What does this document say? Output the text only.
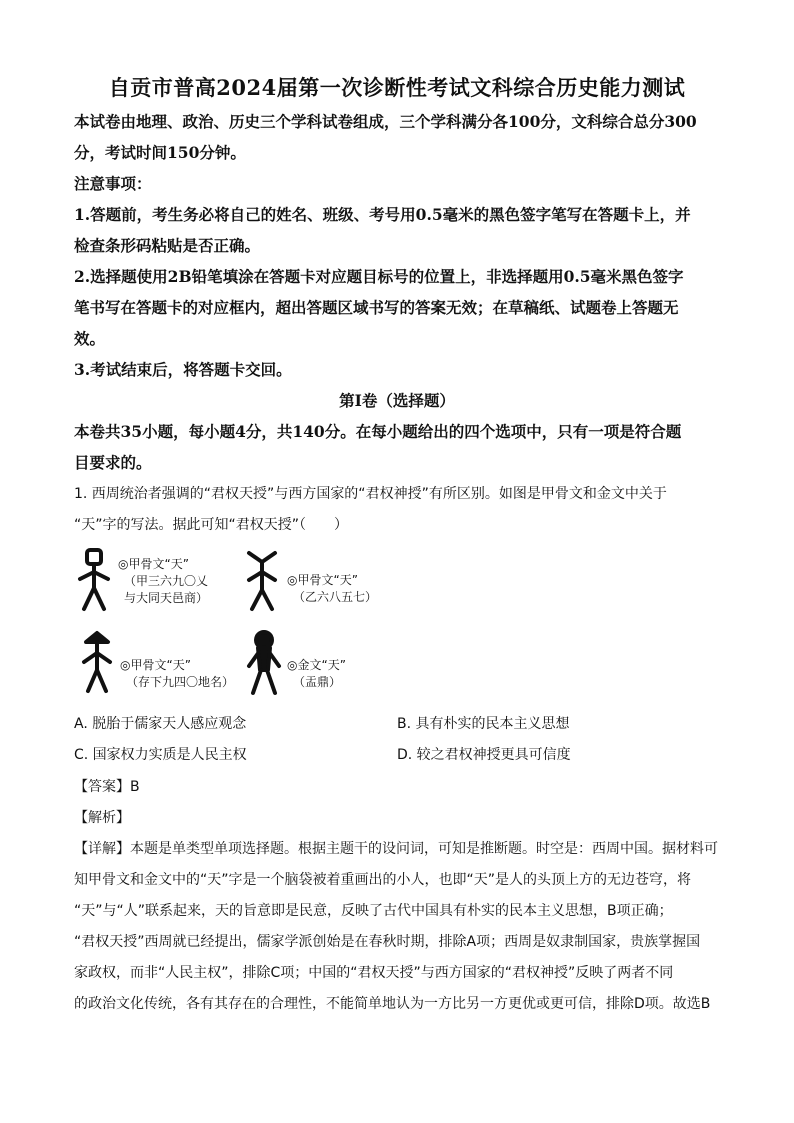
自贡市普高2024届第一次诊断性考试文科综合历史能力测试
本试卷由地理、政治、历史三个学科试卷组成，三个学科满分各100分，文科综合总分300
分，考试时间150分钟。
注意事项：
1.答题前，考生务必将自己的姓名、班级、考号用0.5毫米的黑色签字笔写在答题卡上，并
检查条形码粘贴是否正确。
2.选择题使用2B铅笔填涂在答题卡对应题目标号的位置上，非选择题用0.5毫米黑色签字
笔书写在答题卡的对应框内，超出答题区域书写的答案无效；在草稿纸、试题卷上答题无
效。
3.考试结束后，将答题卡交回。
第Ⅰ卷（选择题）
本卷共35小题，每小题4分，共140分。在每小题给出的四个选项中，只有一项是符合题
目要求的。
1. 西周统治者强调的“君权天授”与西方国家的“君权神授”有所区别。如图是甲骨文和金文中关于
“天”字的写法。据此可知“君权天授”（　　）
◎甲骨文“天”
（甲三六九〇乂
与大同天邑商）
◎甲骨文“天”
（乙六八五七）
◎甲骨文“天”
（存下九四〇地名）
◎金文“天”
（盂鼎）
A. 脱胎于儒家天人感应观念	B. 具有朴实的民本主义思想
C. 国家权力实质是人民主权	D. 较之君权神授更具可信度
【答案】B
【解析】
【详解】本题是单类型单项选择题。根据主题干的设问词，可知是推断题。时空是：西周中国。据材料可
知甲骨文和金文中的“天”字是一个脑袋被着重画出的小人，也即“天”是人的头顶上方的无边苍穹，将
“天”与“人”联系起来，天的旨意即是民意，反映了古代中国具有朴实的民本主义思想，B项正确；
“君权天授”西周就已经提出，儒家学派创始是在春秋时期，排除A项；西周是奴隶制国家，贵族掌握国
家政权，而非“人民主权”，排除C项；中国的“君权天授”与西方国家的“君权神授”反映了两者不同
的政治文化传统，各有其存在的合理性，不能简单地认为一方比另一方更优或更可信，排除D项。故选B
